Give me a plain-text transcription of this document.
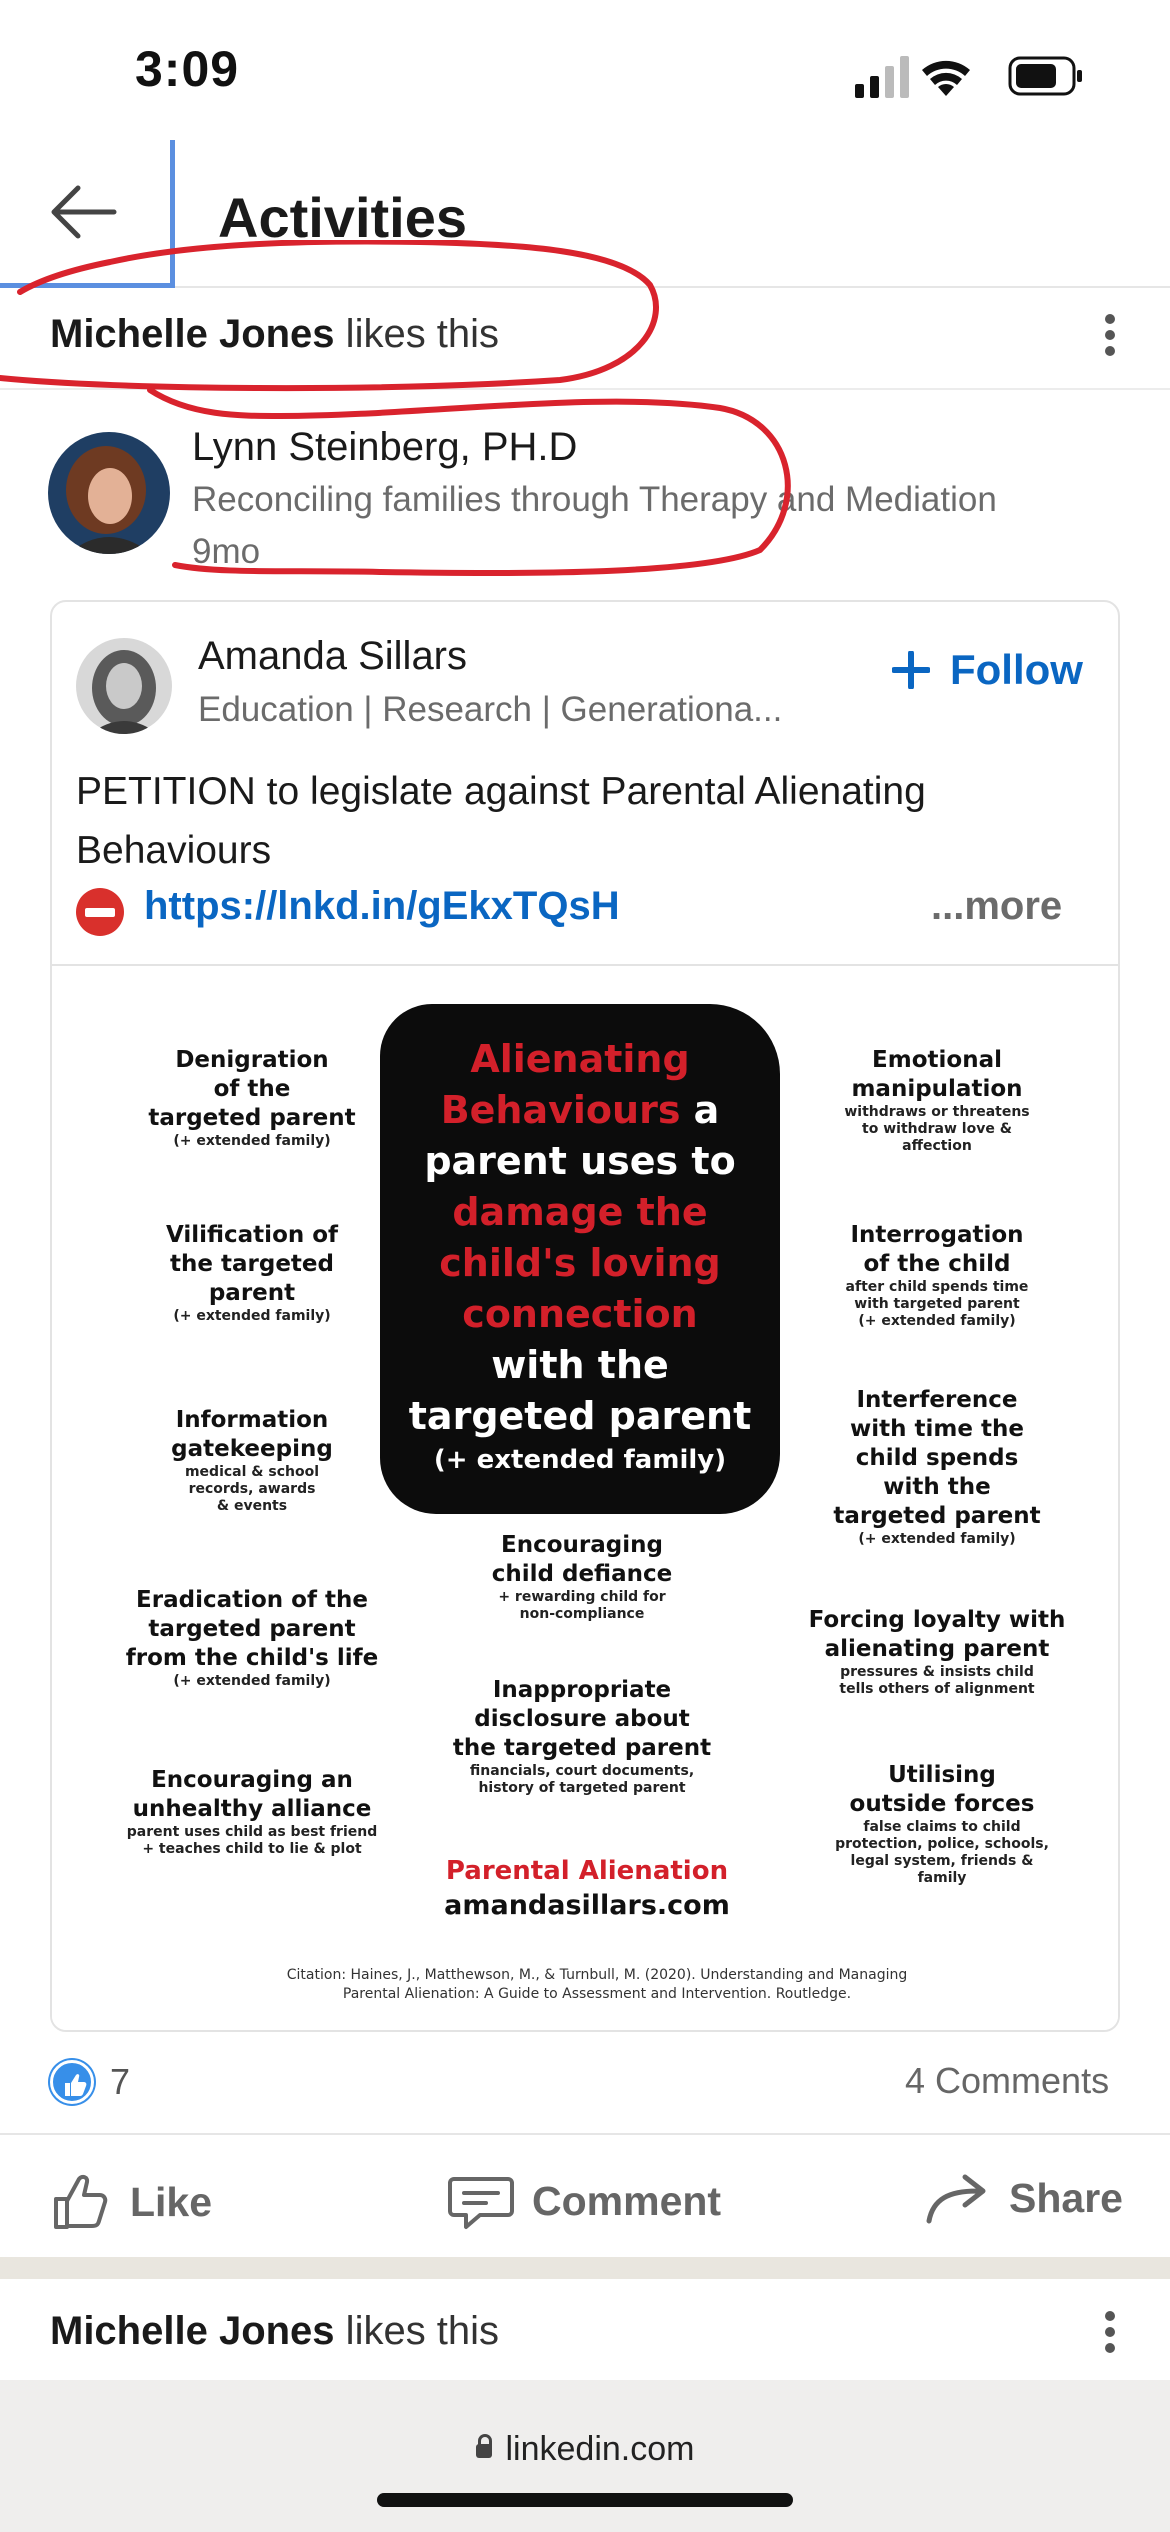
3:09
Activities
Michelle Jones likes this
Lynn Steinberg, PH.D
Reconciling families through Therapy and Mediation
9mo
Amanda Sillars
Education | Research | Generationa...
Follow
PETITION to legislate against Parental Alienating Behaviours
https://lnkd.in/gEkxTQsH	...more
Alienating
Behaviours a
parent uses to
damage the
child's loving
connection
with the
targeted parent
(+ extended family)
Denigration
of the
targeted parent
(+ extended family)
Vilification of
the targeted
parent
(+ extended family)
Information
gatekeeping
medical & school
records, awards
& events
Eradication of the
targeted parent
from the child's life
(+ extended family)
Encouraging an
unhealthy alliance
parent uses child as best friend
+ teaches child to lie & plot
Encouraging
child defiance
+ rewarding child for
non-compliance
Inappropriate
disclosure about
the targeted parent
financials, court documents,
history of targeted parent
Emotional
manipulation
withdraws or threatens
to withdraw love &
affection
Interrogation
of the child
after child spends time
with targeted parent
(+ extended family)
Interference
with time the
child spends
with the
targeted parent
(+ extended family)
Forcing loyalty with
alienating parent
pressures & insists child
tells others of alignment
Utilising
outside forces
false claims to child
protection, police, schools,
legal system, friends &
family
Parental Alienation
amandasillars.com
Citation: Haines, J., Matthewson, M., & Turnbull, M. (2020). Understanding and Managing
Parental Alienation: A Guide to Assessment and Intervention. Routledge.
7	4 Comments
Like	Comment	Share
Michelle Jones likes this
linkedin.com
